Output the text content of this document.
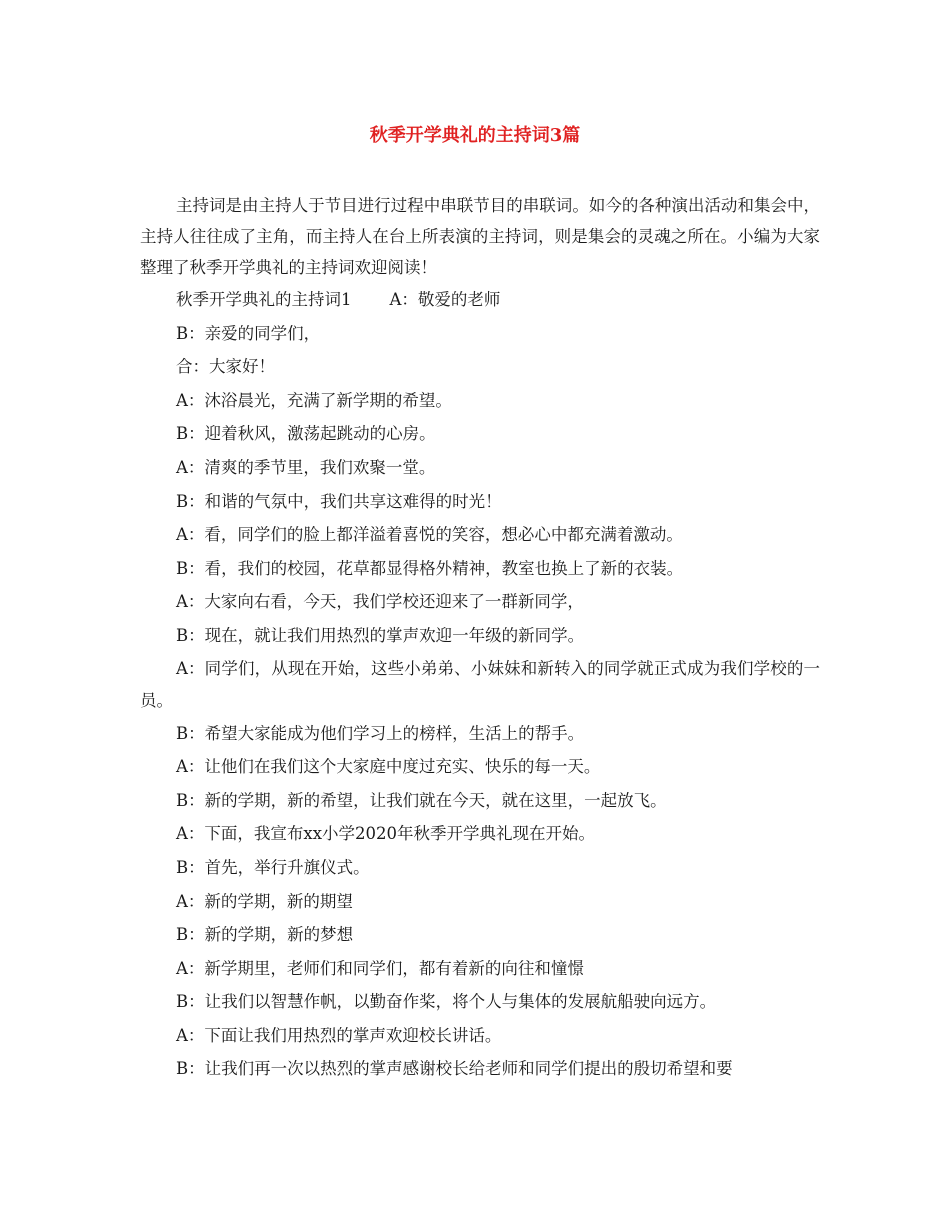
秋季开学典礼的主持词3篇

主持词是由主持人于节目进行过程中串联节目的串联词。如今的各种演出活动和集会中，主持人往往成了主角，而主持人在台上所表演的主持词，则是集会的灵魂之所在。小编为大家整理了秋季开学典礼的主持词欢迎阅读！

秋季开学典礼的主持词1 A：敬爱的老师

B：亲爱的同学们，

合：大家好！

A：沐浴晨光，充满了新学期的希望。

B：迎着秋风，激荡起跳动的心房。

A：清爽的季节里，我们欢聚一堂。

B：和谐的气氛中，我们共享这难得的时光！

A：看，同学们的脸上都洋溢着喜悦的笑容，想必心中都充满着激动。

B：看，我们的校园，花草都显得格外精神，教室也换上了新的衣装。

A：大家向右看，今天，我们学校还迎来了一群新同学，

B：现在，就让我们用热烈的掌声欢迎一年级的新同学。

A：同学们，从现在开始，这些小弟弟、小妹妹和新转入的同学就正式成为我们学校的一员。

B：希望大家能成为他们学习上的榜样，生活上的帮手。

A：让他们在我们这个大家庭中度过充实、快乐的每一天。

B：新的学期，新的希望，让我们就在今天，就在这里，一起放飞。

A：下面，我宣布xx小学2020年秋季开学典礼现在开始。

B：首先，举行升旗仪式。

A：新的学期，新的期望

B：新的学期，新的梦想

A：新学期里，老师们和同学们，都有着新的向往和憧憬

B：让我们以智慧作帆，以勤奋作桨，将个人与集体的发展航船驶向远方。

A：下面让我们用热烈的掌声欢迎校长讲话。

B：让我们再一次以热烈的掌声感谢校长给老师和同学们提出的殷切希望和要
